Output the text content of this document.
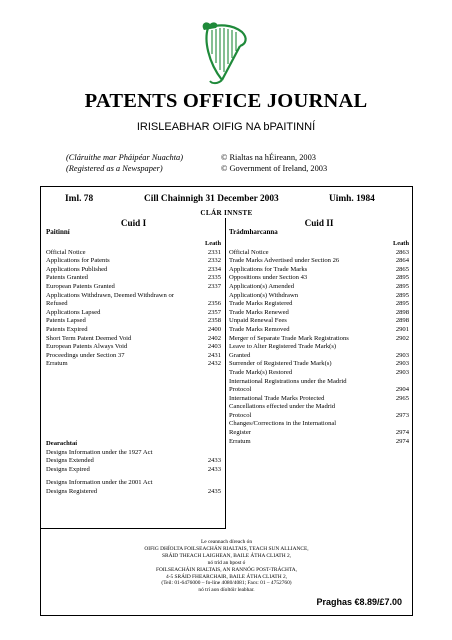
PATENTS OFFICE JOURNAL
IRISLEABHAR OIFIG NA bPAITINNÍ
(Cláruithe mar Pháipéar Nuachta)
(Registered as a Newspaper)
© Rialtas na hÉireann, 2003
© Government of Ireland, 2003
Iml. 78	Cill Chainnigh 31 December 2003	Uimh. 1984
CLÁR INNSTE
Cuid I
Paitinní
Leath
Official Notice	2331
Applications for Patents	2332
Applications Published	2334
Patents Granted	2335
European Patents Granted	2337
Applications Withdrawn, Deemed Withdrawn or
Refused	2356
Applications Lapsed	2357
Patents Lapsed	2358
Patents Expired	2400
Short Term Patent Deemed Void	2402
European Patents Always Void	2403
Proceedings under Section 37	2431
Erratum	2432
Cuid II
Trádmharcanna
Leath
Official Notice	2863
Trade Marks Advertised under Section 26	2864
Applications for Trade Marks	2865
Oppositions under Section 43	2895
Application(s) Amended	2895
Application(s) Withdrawn	2895
Trade Marks Registered	2895
Trade Marks Renewed	2898
Unpaid Renewal Fees	2898
Trade Marks Removed	2901
Merger of Separate Trade Mark Registrations	2902
Leave to Alter Registered Trade Mark(s)
Granted	2903
Surrender of Registered Trade Mark(s)	2903
Trade Mark(s) Restored	2903
International Registrations under the Madrid
Protocol	2904
International Trade Marks Protected	2965
Cancellations effected under the Madrid
Protocol	2973
Changes/Corrections in the International
Register	2974
Erratum	2974
Dearachtaí
Designs Information under the 1927 Act
Designs Extended	2433
Designs Expired	2433
Designs Information under the 2001 Act
Designs Registered	2435
Le ceannach díreach ón
OIFIG DHÍOLTA FOILSEACHÁN RIALTAIS, TEACH SUN ALLIANCE,
SRÁID THEACH LAIGHEAN, BAILE ÁTHA CLIATH 2,
nó tríd an bpost ó
FOILSEACHÁIN RIALTAIS, AN RANNÓG POST-TRÁCHTA,
4-5 SRÁID FHEARCHAIR, BAILE ÁTHA CLIATH 2,
(Teil: 01-6476000 – fo-líne 4080/4081; Facs: 01 – 4752760)
nó trí aon díoltóir leabhar.
Praghas €8.89/£7.00
